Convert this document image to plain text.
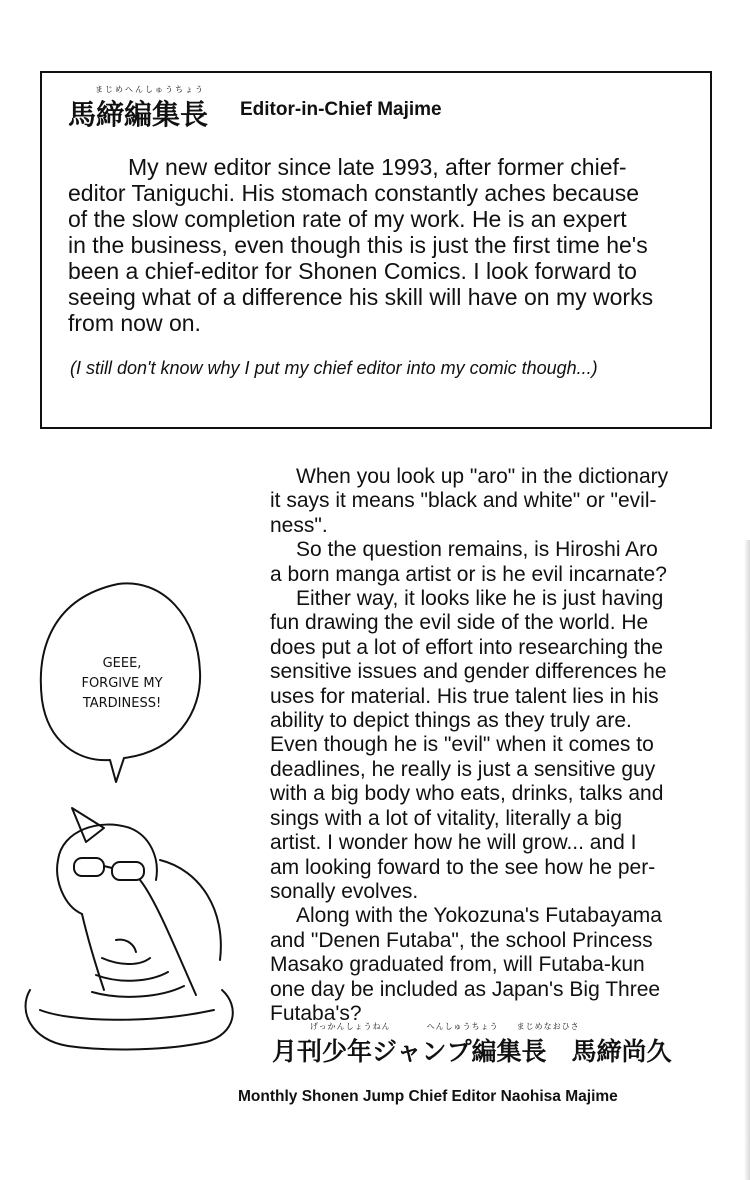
まじめへんしゅうちょう
馬締編集長 Editor-in-Chief Majime
My new editor since late 1993, after former chief-
editor Taniguchi. His stomach constantly aches because
of the slow completion rate of my work. He is an expert
in the business, even though this is just the first time he's
been a chief-editor for Shonen Comics. I look forward to
seeing what of a difference his skill will have on my works
from now on.
(I still don't know why I put my chief editor into my comic though...)

When you look up "aro" in the dictionary

it says it means "black and white" or "evil-

ness".

So the question remains, is Hiroshi Aro

a born manga artist or is he evil incarnate?

Either way, it looks like he is just having

fun drawing the evil side of the world. He

does put a lot of effort into researching the

sensitive issues and gender differences he

uses for material. His true talent lies in his

ability to depict things as they truly are.

Even though he is "evil" when it comes to

deadlines, he really is just a sensitive guy

with a big body who eats, drinks, talks and

sings with a lot of vitality, literally a big

artist. I wonder how he will grow... and I

am looking foward to the see how he per-

sonally evolves.

Along with the Yokozuna's Futabayama

and "Denen Futaba", the school Princess

Masako graduated from, will Futaba-kun

one day be included as Japan's Big Three

Futaba's?

GEEE,
FORGIVE MY
TARDINESS!
げっかんしょうねん　　　　へんしゅうちょう　　まじめなおひさ
月刊少年ジャンプ編集長　馬締尚久
Monthly Shonen Jump Chief Editor Naohisa Majime
